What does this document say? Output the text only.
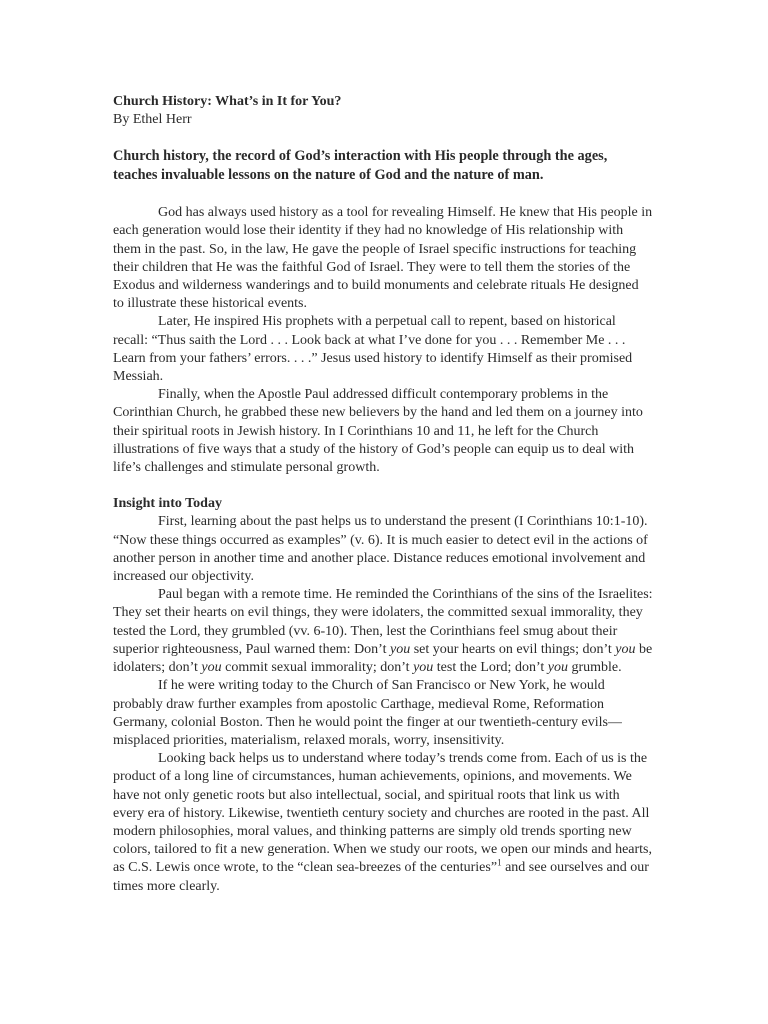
Church History: What’s in It for You?

By Ethel Herr

Church history, the record of God’s interaction with His people through the ages, teaches invaluable lessons on the nature of God and the nature of man.

God has always used history as a tool for revealing Himself. He knew that His people in each generation would lose their identity if they had no knowledge of His relationship with them in the past. So, in the law, He gave the people of Israel specific instructions for teaching their children that He was the faithful God of Israel. They were to tell them the stories of the Exodus and wilderness wanderings and to build monuments and celebrate rituals He designed to illustrate these historical events.

Later, He inspired His prophets with a perpetual call to repent, based on historical recall: “Thus saith the Lord . . . Look back at what I’ve done for you . . . Remember Me . . . Learn from your fathers’ errors. . . .” Jesus used history to identify Himself as their promised Messiah.

Finally, when the Apostle Paul addressed difficult contemporary problems in the Corinthian Church, he grabbed these new believers by the hand and led them on a journey into their spiritual roots in Jewish history. In I Corinthians 10 and 11, he left for the Church illustrations of five ways that a study of the history of God’s people can equip us to deal with life’s challenges and stimulate personal growth.

Insight into Today

First, learning about the past helps us to understand the present (I Corinthians 10:1-10). “Now these things occurred as examples” (v. 6). It is much easier to detect evil in the actions of another person in another time and another place. Distance reduces emotional involvement and increased our objectivity.

Paul began with a remote time. He reminded the Corinthians of the sins of the Israelites: They set their hearts on evil things, they were idolaters, the committed sexual immorality, they tested the Lord, they grumbled (vv. 6-10). Then, lest the Corinthians feel smug about their superior righteousness, Paul warned them: Don’t you set your hearts on evil things; don’t you be idolaters; don’t you commit sexual immorality; don’t you test the Lord; don’t you grumble.

If he were writing today to the Church of San Francisco or New York, he would probably draw further examples from apostolic Carthage, medieval Rome, Reformation Germany, colonial Boston. Then he would point the finger at our twentieth-century evils—misplaced priorities, materialism, relaxed morals, worry, insensitivity.

Looking back helps us to understand where today’s trends come from. Each of us is the product of a long line of circumstances, human achievements, opinions, and movements. We have not only genetic roots but also intellectual, social, and spiritual roots that link us with every era of history. Likewise, twentieth century society and churches are rooted in the past. All modern philosophies, moral values, and thinking patterns are simply old trends sporting new colors, tailored to fit a new generation. When we study our roots, we open our minds and hearts, as C.S. Lewis once wrote, to the “clean sea-breezes of the centuries”$^1$ and see ourselves and our times more clearly.
